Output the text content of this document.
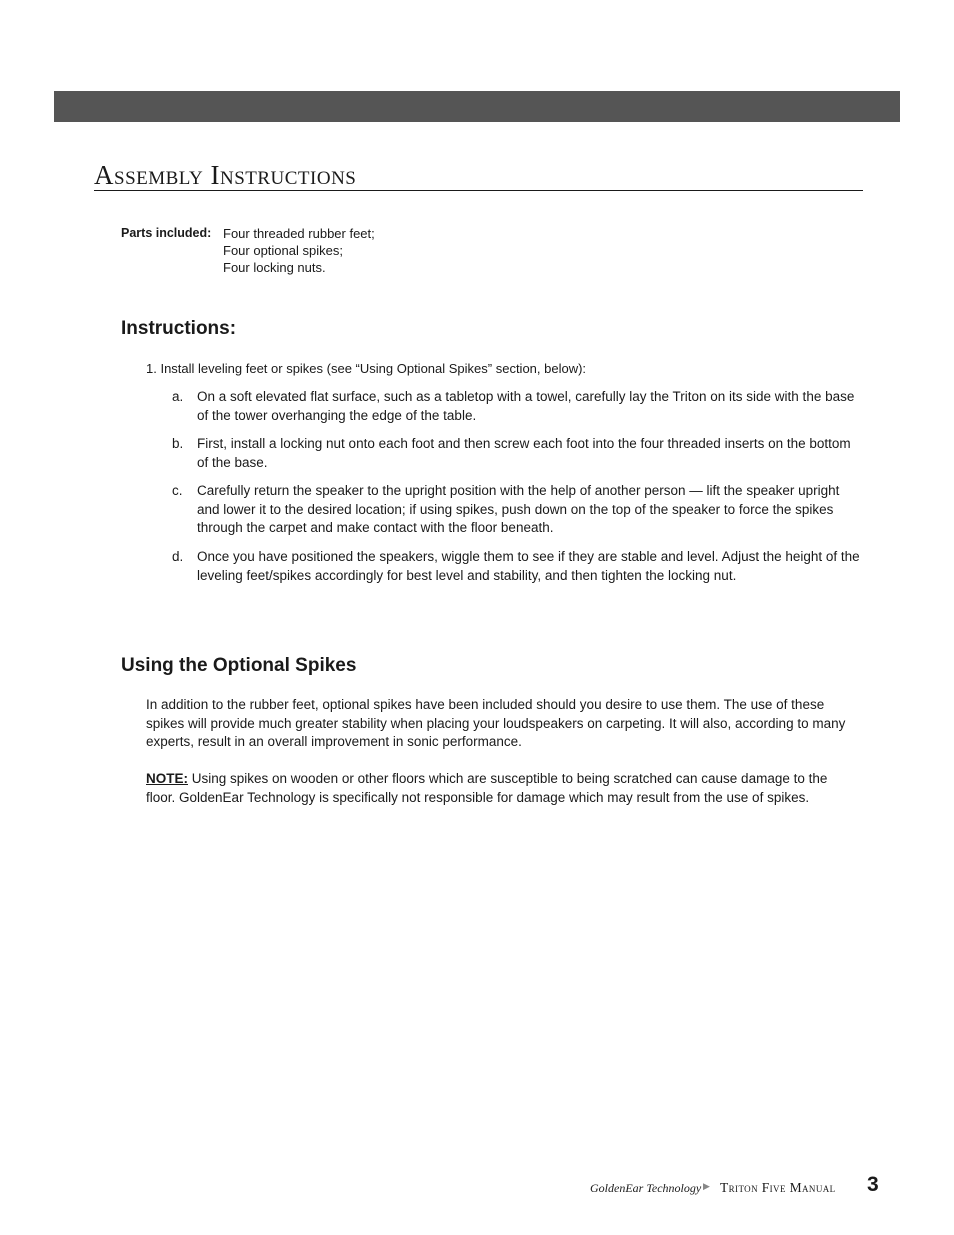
Assembly Instructions
Parts included: Four threaded rubber feet;
Four optional spikes;
Four locking nuts.
Instructions:
1. Install leveling feet or spikes (see “Using Optional Spikes” section, below):
a. On a soft elevated flat surface, such as a tabletop with a towel, carefully lay the Triton on its side with the base of the tower overhanging the edge of the table.
b. First, install a locking nut onto each foot and then screw each foot into the four threaded inserts on the bottom of the base.
c. Carefully return the speaker to the upright position with the help of another person — lift the speaker upright and lower it to the desired location; if using spikes, push down on the top of the speaker to force the spikes through the carpet and make contact with the floor beneath.
d. Once you have positioned the speakers, wiggle them to see if they are stable and level. Adjust the height of the leveling feet/spikes accordingly for best level and stability, and then tighten the locking nut.
Using the Optional Spikes
In addition to the rubber feet, optional spikes have been included should you desire to use them. The use of these spikes will provide much greater stability when placing your loudspeakers on carpeting. It will also, according to many experts, result in an overall improvement in sonic performance.
NOTE: Using spikes on wooden or other floors which are susceptible to being scratched can cause damage to the floor. GoldenEar Technology is specifically not responsible for damage which may result from the use of spikes.
GoldenEar Technology ▶ Triton Five Manual 3
